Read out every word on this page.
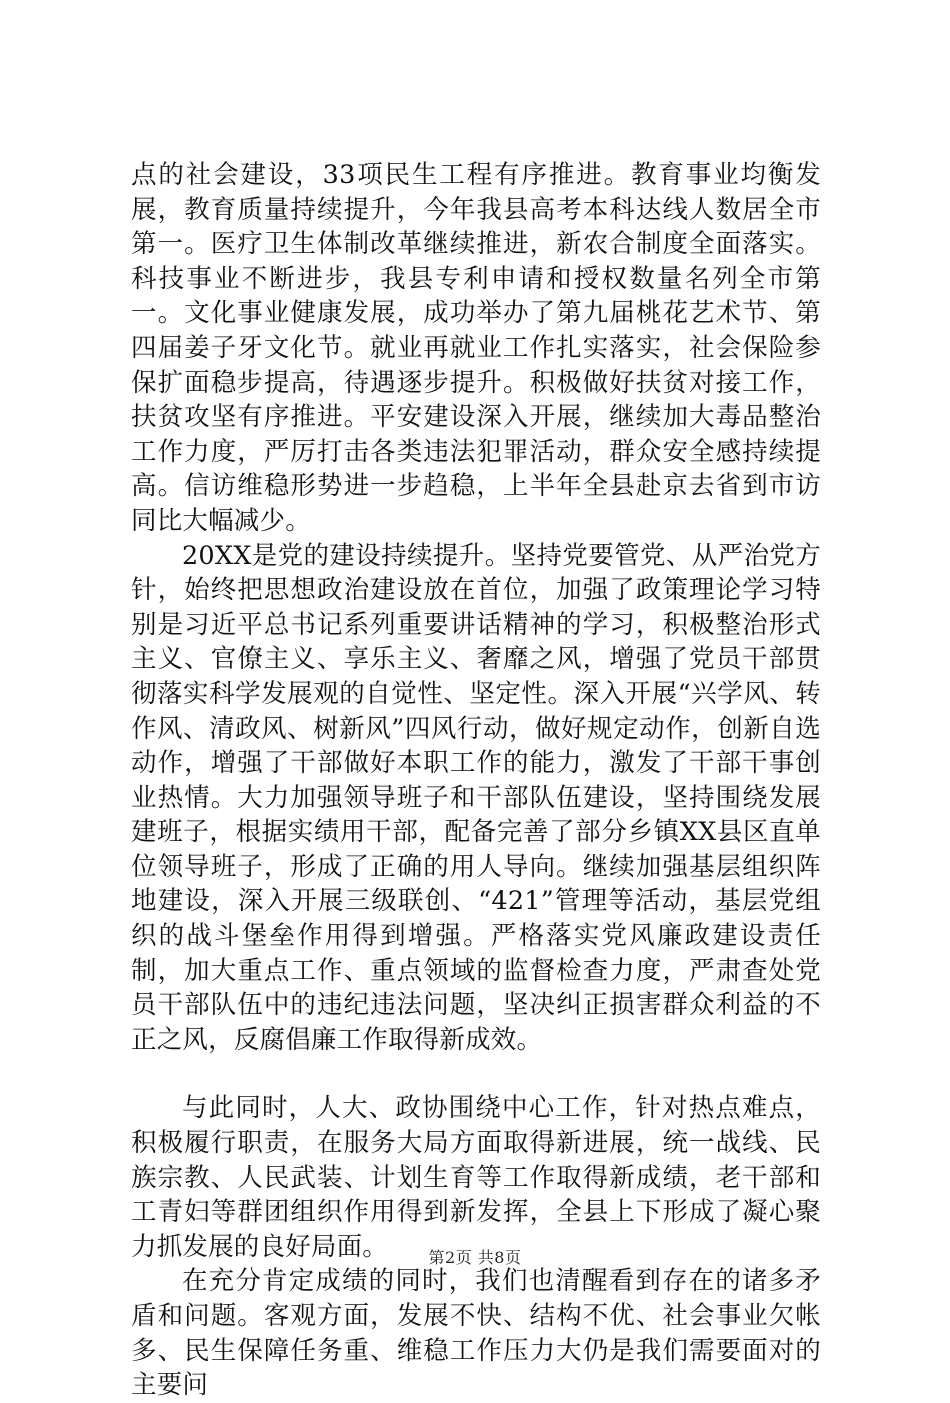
点的社会建设，33项民生工程有序推进。教育事业均衡发展，教育质量持续提升，今年我县高考本科达线人数居全市第一。医疗卫生体制改革继续推进，新农合制度全面落实。科技事业不断进步，我县专利申请和授权数量名列全市第一。文化事业健康发展，成功举办了第九届桃花艺术节、第四届姜子牙文化节。就业再就业工作扎实落实，社会保险参保扩面稳步提高，待遇逐步提升。积极做好扶贫对接工作，扶贫攻坚有序推进。平安建设深入开展，继续加大毒品整治工作力度，严厉打击各类违法犯罪活动，群众安全感持续提高。信访维稳形势进一步趋稳，上半年全县赴京去省到市访同比大幅减少。

20XX是党的建设持续提升。坚持党要管党、从严治党方针，始终把思想政治建设放在首位，加强了政策理论学习特别是习近平总书记系列重要讲话精神的学习，积极整治形式主义、官僚主义、享乐主义、奢靡之风，增强了党员干部贯彻落实科学发展观的自觉性、坚定性。深入开展“兴学风、转作风、清政风、树新风”四风行动，做好规定动作，创新自选动作，增强了干部做好本职工作的能力，激发了干部干事创业热情。大力加强领导班子和干部队伍建设，坚持围绕发展建班子，根据实绩用干部，配备完善了部分乡镇XX县区直单位领导班子，形成了正确的用人导向。继续加强基层组织阵地建设，深入开展三级联创、“421”管理等活动，基层党组织的战斗堡垒作用得到增强。严格落实党风廉政建设责任制，加大重点工作、重点领域的监督检查力度，严肃查处党员干部队伍中的违纪违法问题，坚决纠正损害群众利益的不正之风，反腐倡廉工作取得新成效。

与此同时，人大、政协围绕中心工作，针对热点难点，积极履行职责，在服务大局方面取得新进展，统一战线、民族宗教、人民武装、计划生育等工作取得新成绩，老干部和工青妇等群团组织作用得到新发挥，全县上下形成了凝心聚力抓发展的良好局面。

在充分肯定成绩的同时，我们也清醒看到存在的诸多矛盾和问题。客观方面，发展不快、结构不优、社会事业欠帐多、民生保障任务重、维稳工作压力大仍是我们需要面对的主要问

第2页 共8页
